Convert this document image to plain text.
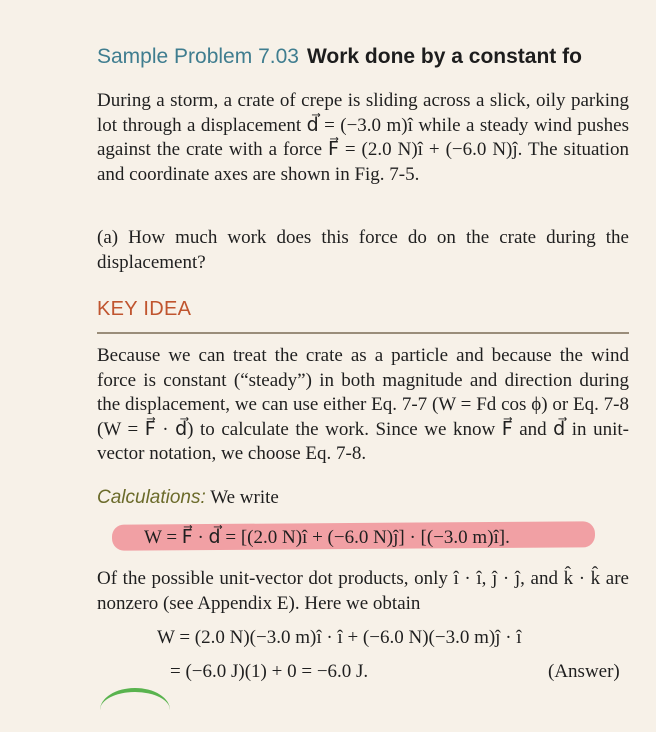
Sample Problem 7.03 Work done by a constant fo
During a storm, a crate of crepe is sliding across a slick, oily parking lot through a displacement d⃗ = (−3.0 m)î while a steady wind pushes against the crate with a force F⃗ = (2.0 N)î + (−6.0 N)ĵ. The situation and coordinate axes are shown in Fig. 7-5.
(a) How much work does this force do on the crate during the displacement?
KEY IDEA
Because we can treat the crate as a particle and because the wind force is constant (“steady”) in both magnitude and direction during the displacement, we can use either Eq. 7-7 (W = Fd cos ϕ) or Eq. 7-8 (W = F⃗ · d⃗) to calculate the work. Since we know F⃗ and d⃗ in unit-vector notation, we choose Eq. 7-8.
Calculations: We write
W = F⃗ · d⃗ = [(2.0 N)î + (−6.0 N)ĵ] · [(−3.0 m)î].
Of the possible unit-vector dot products, only î · î, ĵ · ĵ, and k̂ · k̂ are nonzero (see Appendix E). Here we obtain
W = (2.0 N)(−3.0 m)î · î + (−6.0 N)(−3.0 m)ĵ · î
= (−6.0 J)(1) + 0 = −6.0 J.	(Answer)
